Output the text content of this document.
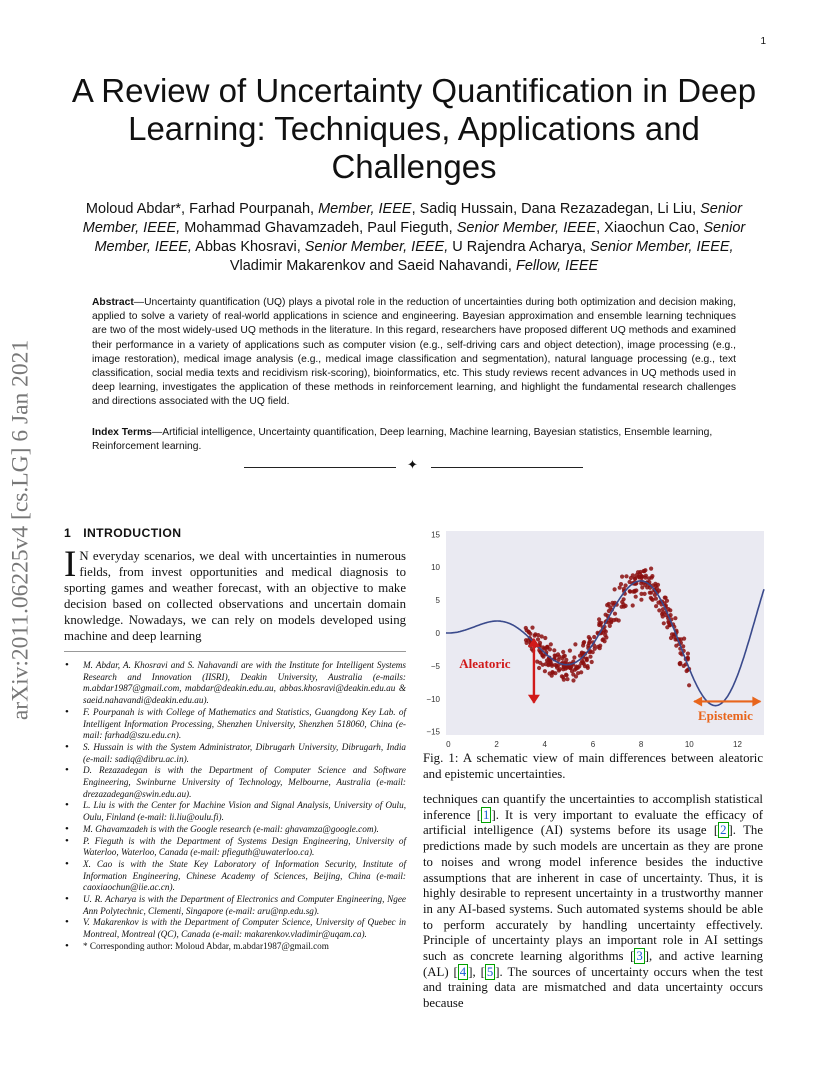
1
A Review of Uncertainty Quantification in Deep Learning: Techniques, Applications and Challenges
Moloud Abdar*, Farhad Pourpanah, Member, IEEE, Sadiq Hussain, Dana Rezazadegan, Li Liu, Senior Member, IEEE, Mohammad Ghavamzadeh, Paul Fieguth, Senior Member, IEEE, Xiaochun Cao, Senior Member, IEEE, Abbas Khosravi, Senior Member, IEEE, U Rajendra Acharya, Senior Member, IEEE, Vladimir Makarenkov and Saeid Nahavandi, Fellow, IEEE
arXiv:2011.06225v4 [cs.LG] 6 Jan 2021

Abstract—Uncertainty quantification (UQ) plays a pivotal role in the reduction of uncertainties during both optimization and decision making, applied to solve a variety of real-world applications in science and engineering. Bayesian approximation and ensemble learning techniques are two of the most widely-used UQ methods in the literature. In this regard, researchers have proposed different UQ methods and examined their performance in a variety of applications such as computer vision (e.g., self-driving cars and object detection), image processing (e.g., image restoration), medical image analysis (e.g., medical image classification and segmentation), natural language processing (e.g., text classification, social media texts and recidivism risk-scoring), bioinformatics, etc. This study reviews recent advances in UQ methods used in deep learning, investigates the application of these methods in reinforcement learning, and highlight the fundamental research challenges and directions associated with the UQ field.

Index Terms—Artificial intelligence, Uncertainty quantification, Deep learning, Machine learning, Bayesian statistics, Ensemble learning, Reinforcement learning.

✦
1 INTRODUCTION

I N everyday scenarios, we deal with uncertainties in numerous fields, from invest opportunities and medical diagnosis to sporting games and weather forecast, with an objective to make decision based on collected observations and uncertain domain knowledge. Nowadays, we can rely on models developed using machine and deep learning

• M. Abdar, A. Khosravi and S. Nahavandi are with the Institute for Intelligent Systems Research and Innovation (IISRI), Deakin University, Australia (e-mails: m.abdar1987@gmail.com, mabdar@deakin.edu.au, abbas.khosravi@deakin.edu.au & saeid.nahavandi@deakin.edu.au).
• F. Pourpanah is with College of Mathematics and Statistics, Guangdong Key Lab. of Intelligent Information Processing, Shenzhen University, Shenzhen 518060, China (e-mail: farhad@szu.edu.cn).
• S. Hussain is with the System Administrator, Dibrugarh University, Dibrugarh, India (e-mail: sadiq@dibru.ac.in).
• D. Rezazadegan is with the Department of Computer Science and Software Engineering, Swinburne University of Technology, Melbourne, Australia (e-mail: drezazadegan@swin.edu.au).
• L. Liu is with the Center for Machine Vision and Signal Analysis, University of Oulu, Oulu, Finland (e-mail: li.liu@oulu.fi).
• M. Ghavamzadeh is with the Google research (e-mail: ghavamza@google.com).
• P. Fieguth is with the Department of Systems Design Engineering, University of Waterloo, Waterloo, Canada (e-mail: pfieguth@uwaterloo.ca).
• X. Cao is with the State Key Laboratory of Information Security, Institute of Information Engineering, Chinese Academy of Sciences, Beijing, China (e-mail: caoxiaochun@iie.ac.cn).
• U. R. Acharya is with the Department of Electronics and Computer Engineering, Ngee Ann Polytechnic, Clementi, Singapore (e-mail: aru@np.edu.sg).
• V. Makarenkov is with the Department of Computer Science, University of Quebec in Montreal, Montreal (QC), Canada (e-mail: makarenkov.vladimir@uqam.ca).
• * Corresponding author: Moloud Abdar, m.abdar1987@gmail.com
0	2	4	6	8	10	12
15
10
5
0
−5
−10
−15
Aleatoric
Epistemic

Fig. 1: A schematic view of main differences between aleatoric and epistemic uncertainties.

techniques can quantify the uncertainties to accomplish statistical inference [ 1 ]. It is very important to evaluate the efficacy of artificial intelligence (AI) systems before its usage [ 2 ]. The predictions made by such models are uncertain as they are prone to noises and wrong model inference besides the inductive assumptions that are inherent in case of uncertainty. Thus, it is highly desirable to represent uncertainty in a trustworthy manner in any AI-based systems. Such automated systems should be able to perform accurately by handling uncertainty effectively. Principle of uncertainty plays an important role in AI settings such as concrete learning algorithms [ 3 ], and active learning (AL) [ 4 ], [ 5 ]. The sources of uncertainty occurs when the test and training data are mismatched and data uncertainty occurs because
